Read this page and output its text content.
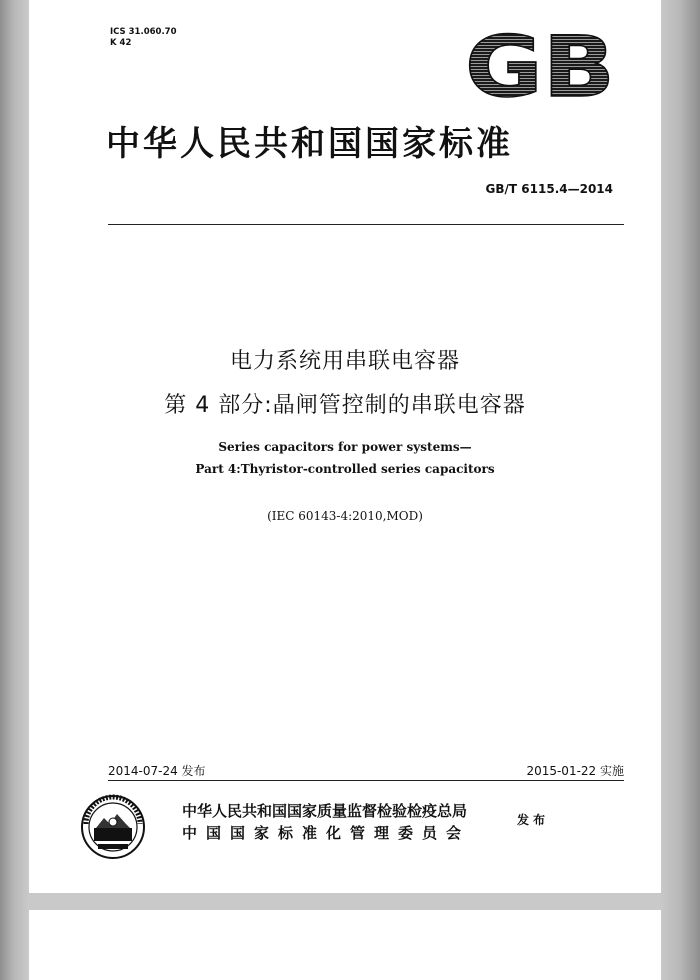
ICS 31.060.70
K 42	GB
中华人民共和国国家标准
GB/T 6115.4—2014
电力系统用串联电容器
第 4 部分:晶闸管控制的串联电容器
Series capacitors for power systems—
Part 4:Thyristor-controlled series capacitors
(IEC 60143-4:2010,MOD)
2014-07-24 发布	2015-01-22 实施
中华人民共和国国家质量监督检验检疫总局
中国国家标准化管理委员会
发布
